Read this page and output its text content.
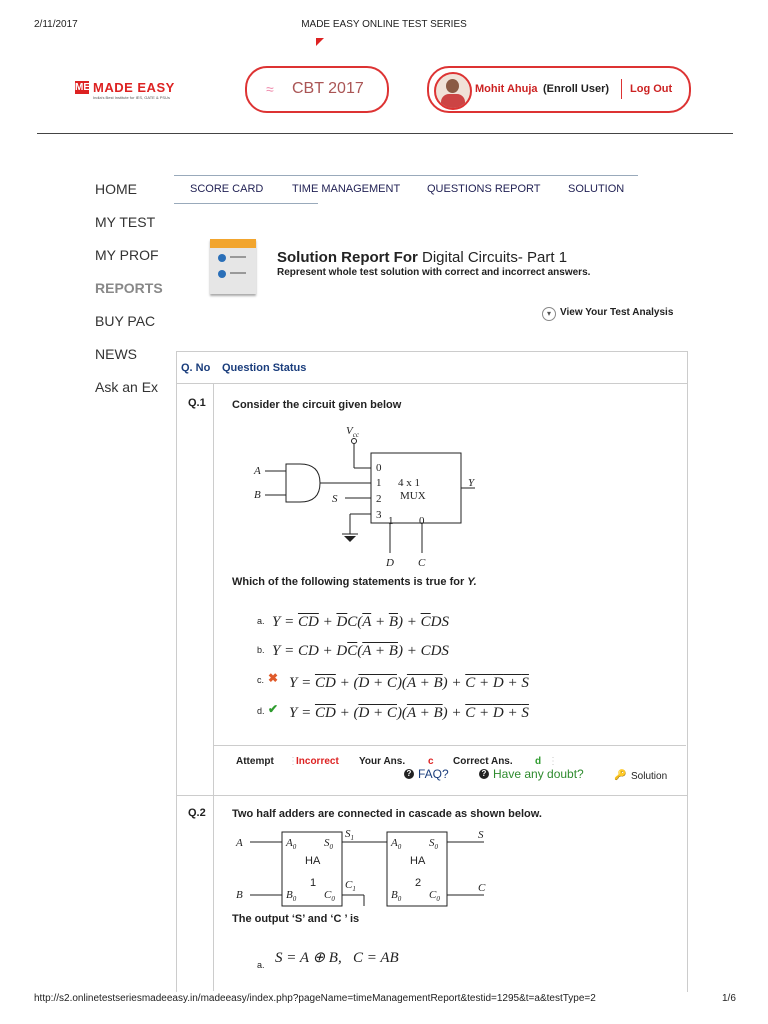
2/11/2017	MADE EASY ONLINE TEST SERIES
ME MADE EASY
India's Best Institute for IES, GATE & PSUs
≈ CBT 2017	Mohit Ahuja (Enroll User) Log Out
HOME
MY TEST
MY PROF
REPORTS
BUY PAC
NEWS
Ask an Ex
SCORE CARD	TIME MANAGEMENT QUESTIONS REPORT	SOLUTION
Solution Report For Digital Circuits- Part 1
Represent whole test solution with correct and incorrect answers.
▾ View Your Test Analysis
Q. No Question Status
Q.1 Consider the circuit given below
$V_{cc}$
A
B	S
Y
D C
4 x 1
MUX
0
1
2
3 1 0
Which of the following statements is true for Y.
a. $Y = \overline{C}\overline{D} + \overline{D}C(\overline{A} + \overline{B}) + \overline{C}DS$
b. Y = CD + $D\overline{C}(A + B)$ + CDS
c. ✖ $Y = \overline{C}\overline{D} + (D + C)(A + B) + C + D + S$
d. ✔ $Y = \overline{C}\overline{D} + (D + C)(A + B) + C + D + S$
Attempt ⋮
Incorrect Your Ans. c Correct Ans. d ⋮
? FAQ?	? Have any doubt?	🔑 Solution
Q.2 Two half adders are connected in cascade as shown below.
A
B
$A_0$	$S_0$
$B_0$	$C_0$
$S_1$
$C_1$
$A_0$	$S_0$
$B_0$	$C_0$
S
C
HA
1
HA
2
The output ‘S’ and ‘C ’ is
a. S = A ⊕ B,   C = AB
http://s2.onlinetestseriesmadeeasy.in/madeeasy/index.php?pageName=timeManagementReport&testid=1295&t=a&testType=2	1/6
